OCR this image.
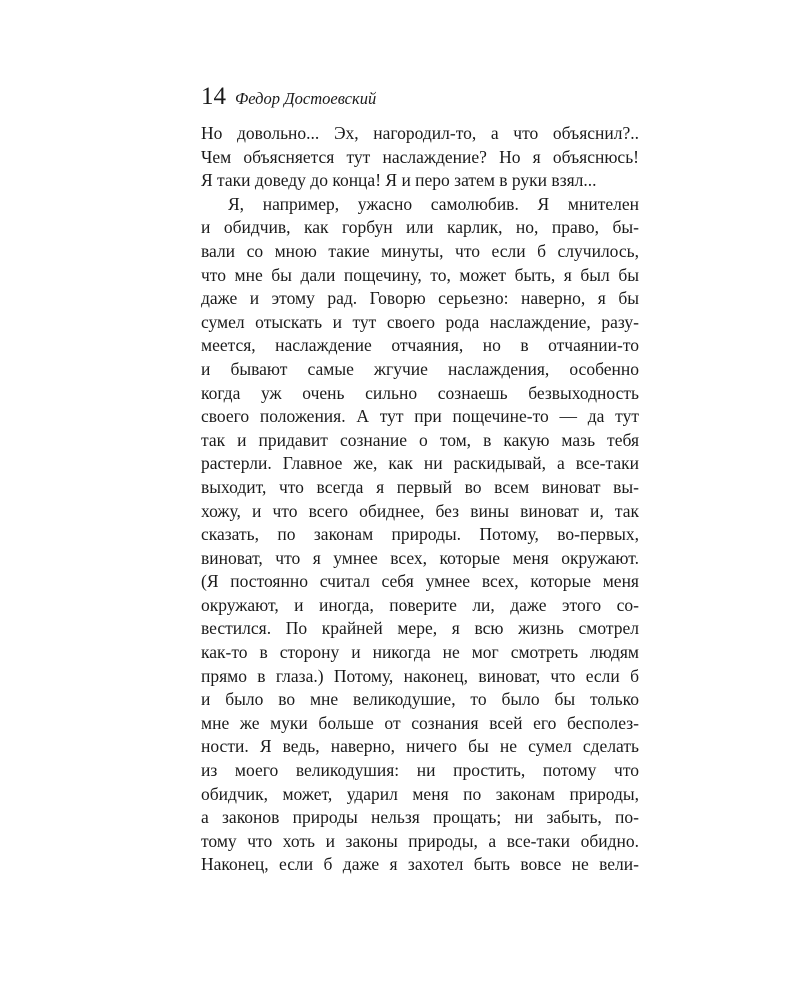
14 Федор Достоевский
Но довольно... Эх, нагородил-то, а что объяснил?..
Чем объясняется тут наслаждение? Но я объяснюсь!
Я таки доведу до конца! Я и перо затем в руки взял...
Я, например, ужасно самолюбив. Я мнителен
и обидчив, как горбун или карлик, но, право, бы-
вали со мною такие минуты, что если б случилось,
что мне бы дали пощечину, то, может быть, я был бы
даже и этому рад. Говорю серьезно: наверно, я бы
сумел отыскать и тут своего рода наслаждение, разу-
меется, наслаждение отчаяния, но в отчаянии-то
и бывают самые жгучие наслаждения, особенно
когда уж очень сильно сознаешь безвыходность
своего положения. А тут при пощечине-то — да тут
так и придавит сознание о том, в какую мазь тебя
растерли. Главное же, как ни раскидывай, а все-таки
выходит, что всегда я первый во всем виноват вы-
хожу, и что всего обиднее, без вины виноват и, так
сказать, по законам природы. Потому, во-первых,
виноват, что я умнее всех, которые меня окружают.
(Я постоянно считал себя умнее всех, которые меня
окружают, и иногда, поверите ли, даже этого со-
вестился. По крайней мере, я всю жизнь смотрел
как-то в сторону и никогда не мог смотреть людям
прямо в глаза.) Потому, наконец, виноват, что если б
и было во мне великодушие, то было бы только
мне же муки больше от сознания всей его бесполез-
ности. Я ведь, наверно, ничего бы не сумел сделать
из моего великодушия: ни простить, потому что
обидчик, может, ударил меня по законам природы,
а законов природы нельзя прощать; ни забыть, по-
тому что хоть и законы природы, а все-таки обидно.
Наконец, если б даже я захотел быть вовсе не вели-
